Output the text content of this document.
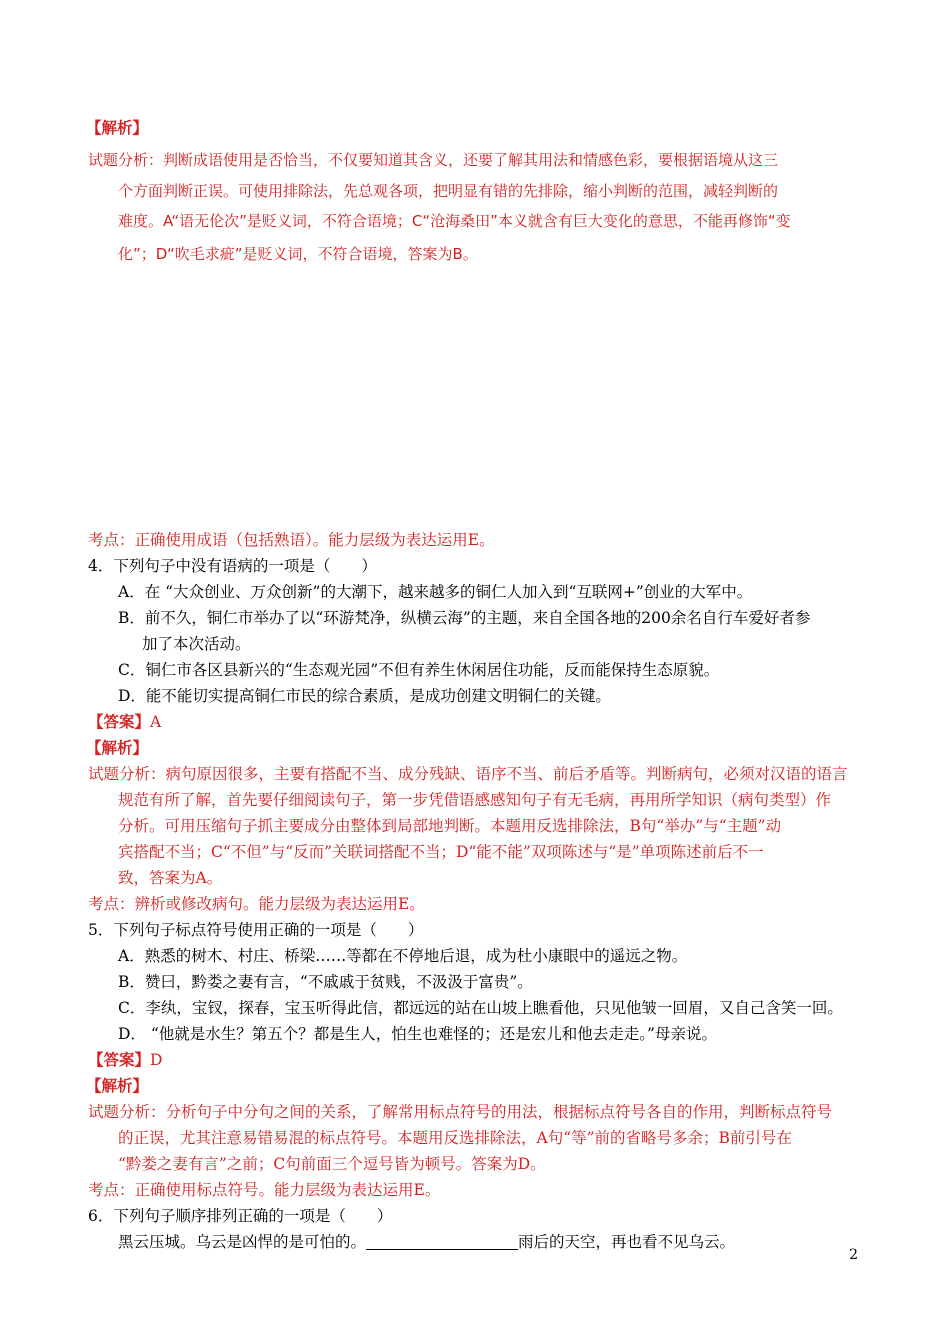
【解析】
试题分析：判断成语使用是否恰当，不仅要知道其含义，还要了解其用法和情感色彩，要根据语境从这三
个方面判断正误。可使用排除法，先总观各项，把明显有错的先排除，缩小判断的范围，减轻判断的
难度。A“语无伦次”是贬义词，不符合语境；C“沧海桑田”本义就含有巨大变化的意思，不能再修饰“变
化”；D“吹毛求疵”是贬义词，不符合语境，答案为B。
考点：正确使用成语（包括熟语）。能力层级为表达运用E。
4．下列句子中没有语病的一项是（　　）
A．在 “大众创业、万众创新”的大潮下，越来越多的铜仁人加入到“互联网+”创业的大军中。
B．前不久，铜仁市举办了以“环游梵净，纵横云海”的主题，来自全国各地的200余名自行车爱好者参
加了本次活动。
C．铜仁市各区县新兴的“生态观光园”不但有养生休闲居住功能，反而能保持生态原貌。
D．能不能切实提高铜仁市民的综合素质，是成功创建文明铜仁的关键。
【答案】A
【解析】
试题分析：病句原因很多，主要有搭配不当、成分残缺、语序不当、前后矛盾等。判断病句，必须对汉语的语言
规范有所了解，首先要仔细阅读句子，第一步凭借语感感知句子有无毛病，再用所学知识（病句类型）作
分析。可用压缩句子抓主要成分由整体到局部地判断。本题用反选排除法，B句“举办”与“主题”动
宾搭配不当；C“不但”与“反而”关联词搭配不当；D“能不能”双项陈述与“是”单项陈述前后不一
致，答案为A。
考点：辨析或修改病句。能力层级为表达运用E。
5．下列句子标点符号使用正确的一项是（　　）
A．熟悉的树木、村庄、桥梁……等都在不停地后退，成为杜小康眼中的遥远之物。
B．赞曰，黔娄之妻有言，“不戚戚于贫贱，不汲汲于富贵”。
C．李纨，宝钗，探春，宝玉听得此信，都远远的站在山坡上瞧看他，只见他皱一回眉，又自己含笑一回。
D． “他就是水生？第五个？都是生人，怕生也难怪的；还是宏儿和他去走走。”母亲说。
【答案】D
【解析】
试题分析：分析句子中分句之间的关系，了解常用标点符号的用法，根据标点符号各自的作用，判断标点符号
的正误，尤其注意易错易混的标点符号。本题用反选排除法，A句“等”前的省略号多余；B前引号在
“黔娄之妻有言”之前；C句前面三个逗号皆为顿号。答案为D。
考点：正确使用标点符号。能力层级为表达运用E。
6．下列句子顺序排列正确的一项是（　　）
黑云压城。乌云是凶悍的是可怕的。	雨后的天空，再也看不见乌云。
2
